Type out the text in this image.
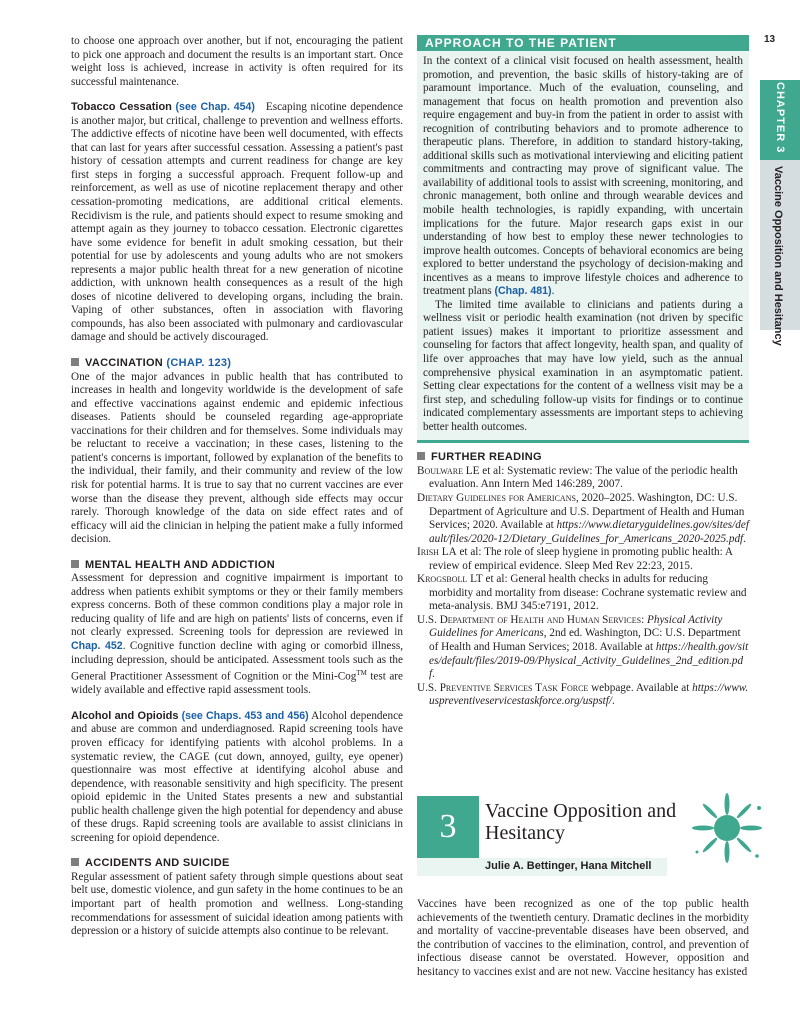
13
CHAPTER 3
Vaccine Opposition and Hesitancy

to choose one approach over another, but if not, encouraging the patient to pick one approach and document the results is an important start. Once weight loss is achieved, increase in activity is often required for its successful maintenance.

Tobacco Cessation (see Chap. 454) Escaping nicotine dependence is another major, but critical, challenge to prevention and wellness efforts. The addictive effects of nicotine have been well documented, with effects that can last for years after successful cessation. Assessing a patient's past history of cessation attempts and current readiness for change are key first steps in forging a successful approach. Frequent follow-up and reinforcement, as well as use of nicotine replacement therapy and other cessation-promoting medications, are additional critical elements. Recidivism is the rule, and patients should expect to resume smoking and attempt again as they journey to tobacco cessation. Electronic cigarettes have some evidence for benefit in adult smoking cessation, but their potential for use by adolescents and young adults who are not smokers represents a major public health threat for a new generation of nicotine addiction, with unknown health consequences as a result of the high doses of nicotine delivered to developing organs, including the brain. Vaping of other substances, often in association with flavoring compounds, has also been associated with pulmonary and cardiovascular damage and should be actively discouraged.

VACCINATION (CHAP. 123)

One of the major advances in public health that has contributed to increases in health and longevity worldwide is the development of safe and effective vaccinations against endemic and epidemic infectious diseases. Patients should be counseled regarding age-appropriate vaccinations for their children and for themselves. Some individuals may be reluctant to receive a vaccination; in these cases, listening to the patient's concerns is important, followed by explanation of the benefits to the individual, their family, and their community and review of the low risk for potential harms. It is true to say that no current vaccines are ever worse than the disease they prevent, although side effects may occur rarely. Thorough knowledge of the data on side effect rates and of efficacy will aid the clinician in helping the patient make a fully informed decision.

MENTAL HEALTH AND ADDICTION

Assessment for depression and cognitive impairment is important to address when patients exhibit symptoms or they or their family members express concerns. Both of these common conditions play a major role in reducing quality of life and are high on patients' lists of concerns, even if not clearly expressed. Screening tools for depression are reviewed in Chap. 452. Cognitive function decline with aging or comorbid illness, including depression, should be anticipated. Assessment tools such as the General Practitioner Assessment of Cognition or the Mini-Cog™ test are widely available and effective rapid assessment tools.

Alcohol and Opioids (see Chaps. 453 and 456) Alcohol dependence and abuse are common and underdiagnosed. Rapid screening tools have proven efficacy for identifying patients with alcohol problems. In a systematic review, the CAGE (cut down, annoyed, guilty, eye opener) questionnaire was most effective at identifying alcohol abuse and dependence, with reasonable sensitivity and high specificity. The present opioid epidemic in the United States presents a new and substantial public health challenge given the high potential for dependency and abuse of these drugs. Rapid screening tools are available to assist clinicians in screening for opioid dependence.

ACCIDENTS AND SUICIDE

Regular assessment of patient safety through simple questions about seat belt use, domestic violence, and gun safety in the home continues to be an important part of health promotion and wellness. Long-standing recommendations for assessment of suicidal ideation among patients with depression or a history of suicide attempts also continue to be relevant.

APPROACH TO THE PATIENT

In the context of a clinical visit focused on health assessment, health promotion, and prevention, the basic skills of history-taking are of paramount importance. Much of the evaluation, counseling, and management that focus on health promotion and prevention also require engagement and buy-in from the patient in order to assist with recognition of contributing behaviors and to promote adherence to therapeutic plans. Therefore, in addition to standard history-taking, additional skills such as motivational interviewing and eliciting patient commitments and contracting may prove of significant value. The availability of additional tools to assist with screening, monitoring, and chronic management, both online and through wearable devices and mobile health technologies, is rapidly expanding, with uncertain implications for the future. Major research gaps exist in our understanding of how best to employ these newer technologies to improve health outcomes. Concepts of behavioral economics are being explored to better understand the psychology of decision-making and incentives as a means to improve lifestyle choices and adherence to treatment plans (Chap. 481).

The limited time available to clinicians and patients during a wellness visit or periodic health examination (not driven by specific patient issues) makes it important to prioritize assessment and counseling for factors that affect longevity, health span, and quality of life over approaches that may have low yield, such as the annual comprehensive physical examination in an asymptomatic patient. Setting clear expectations for the content of a wellness visit may be a first step, and scheduling follow-up visits for findings or to continue indicated complementary assessments are important steps to achieving better health outcomes.

FURTHER READING

Boulware LE et al: Systematic review: The value of the periodic health evaluation. Ann Intern Med 146:289, 2007.

Dietary Guidelines for Americans, 2020–2025. Washington, DC: U.S. Department of Agriculture and U.S. Department of Health and Human Services; 2020. Available at https://www.dietaryguidelines.gov/sites/default/files/2020-12/Dietary_Guidelines_for_Americans_2020-2025.pdf.

Irish LA et al: The role of sleep hygiene in promoting public health: A review of empirical evidence. Sleep Med Rev 22:23, 2015.

Krogsboll LT et al: General health checks in adults for reducing morbidity and mortality from disease: Cochrane systematic review and meta-analysis. BMJ 345:e7191, 2012.

U.S. Department of Health and Human Services: Physical Activity Guidelines for Americans, 2nd ed. Washington, DC: U.S. Department of Health and Human Services; 2018. Available at https://health.gov/sites/default/files/2019-09/Physical_Activity_Guidelines_2nd_edition.pdf.

U.S. Preventive Services Task Force webpage. Available at https://www.uspreventiveservicestaskforce.org/uspstf/.

3	Vaccine Opposition and
Hesitancy
Julie A. Bettinger, Hana Mitchell

Vaccines have been recognized as one of the top public health achievements of the twentieth century. Dramatic declines in the morbidity and mortality of vaccine-preventable diseases have been observed, and the contribution of vaccines to the elimination, control, and prevention of infectious disease cannot be overstated. However, opposition and hesitancy to vaccines exist and are not new. Vaccine hesitancy has existed
